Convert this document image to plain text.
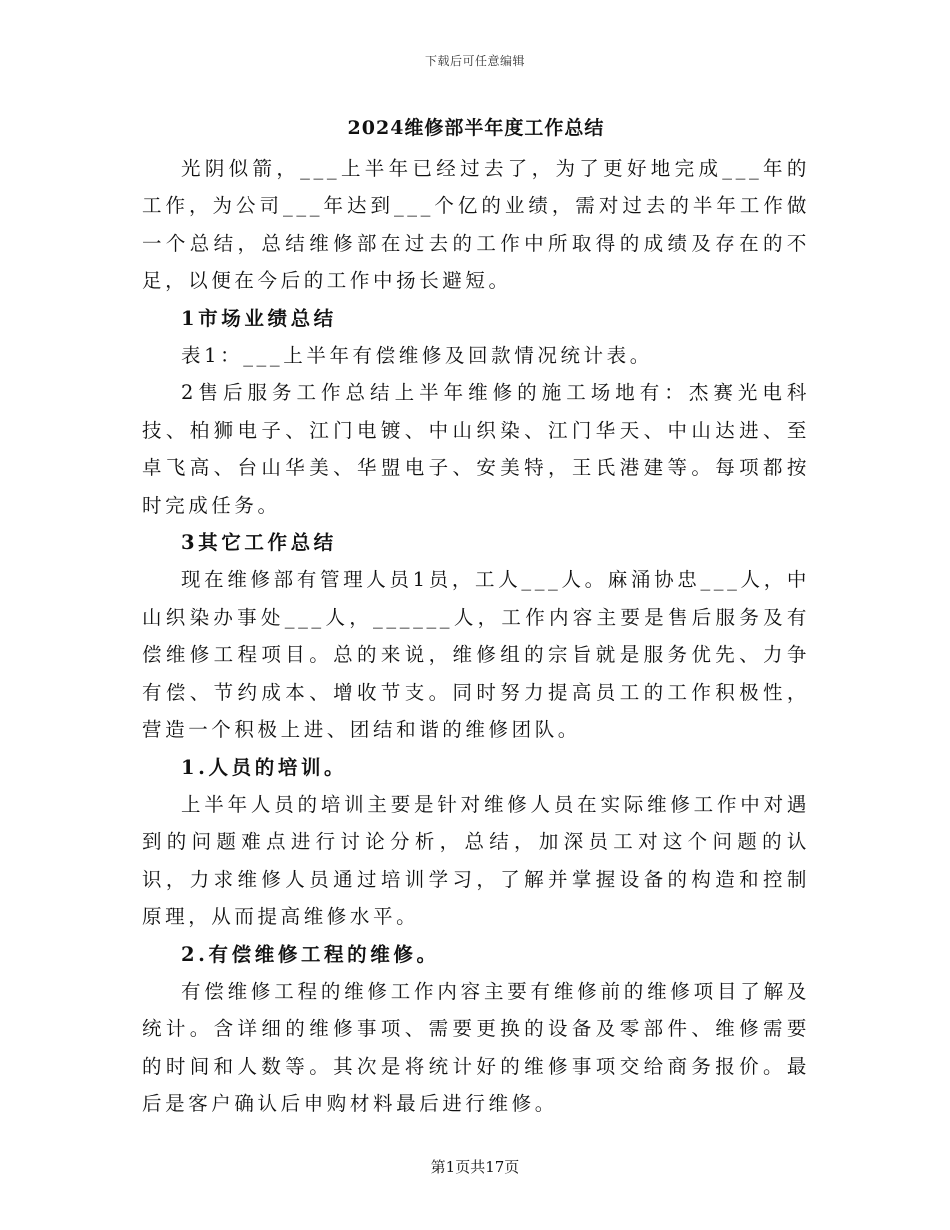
下载后可任意编辑
2024维修部半年度工作总结

光阴似箭，___上半年已经过去了，为了更好地完成___年的工作，为公司___年达到___个亿的业绩，需对过去的半年工作做一个总结，总结维修部在过去的工作中所取得的成绩及存在的不足，以便在今后的工作中扬长避短。

1市场业绩总结

表1：___上半年有偿维修及回款情况统计表。

2售后服务工作总结上半年维修的施工场地有：杰赛光电科技、柏狮电子、江门电镀、中山织染、江门华天、中山达进、至卓飞高、台山华美、华盟电子、安美特，王氏港建等。每项都按时完成任务。

3其它工作总结

现在维修部有管理人员1员，工人___人。麻涌协忠___人，中山织染办事处___人，______人，工作内容主要是售后服务及有偿维修工程项目。总的来说，维修组的宗旨就是服务优先、力争有偿、节约成本、增收节支。同时努力提高员工的工作积极性，营造一个积极上进、团结和谐的维修团队。

1.人员的培训。

上半年人员的培训主要是针对维修人员在实际维修工作中对遇到的问题难点进行讨论分析，总结，加深员工对这个问题的认识，力求维修人员通过培训学习，了解并掌握设备的构造和控制原理，从而提高维修水平。

2.有偿维修工程的维修。

有偿维修工程的维修工作内容主要有维修前的维修项目了解及统计。含详细的维修事项、需要更换的设备及零部件、维修需要的时间和人数等。其次是将统计好的维修事项交给商务报价。最后是客户确认后申购材料最后进行维修。

第1页共17页
